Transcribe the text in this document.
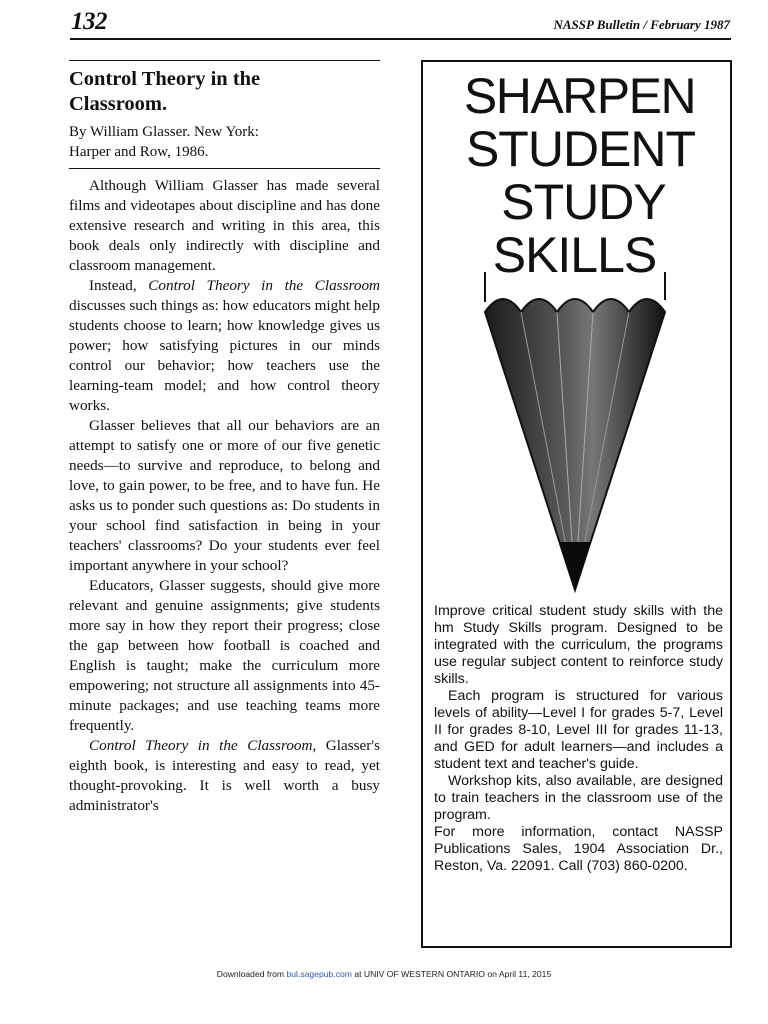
132	NASSP Bulletin / February 1987
Control Theory in the
Classroom.
By William Glasser. New York:
Harper and Row, 1986.

Although William Glasser has made several films and videotapes about discipline and has done extensive research and writing in this area, this book deals only indirectly with discipline and classroom management.

Instead, Control Theory in the Classroom discusses such things as: how educators might help students choose to learn; how knowledge gives us power; how satisfying pictures in our minds control our behavior; how teachers use the learning-team model; and how control theory works.

Glasser believes that all our behaviors are an attempt to satisfy one or more of our five genetic needs—to survive and reproduce, to belong and love, to gain power, to be free, and to have fun. He asks us to ponder such questions as: Do students in your school find satisfaction in being in your teachers' classrooms? Do your students ever feel important anywhere in your school?

Educators, Glasser suggests, should give more relevant and genuine assignments; give students more say in how they report their progress; close the gap between how football is coached and English is taught; make the curriculum more empowering; not structure all assignments into 45-minute packages; and use teaching teams more frequently.

Control Theory in the Classroom, Glasser's eighth book, is interesting and easy to read, yet thought-provoking. It is well worth a busy administrator's

SHARPEN
STUDENT
STUDY
SKILLS

Improve critical student study skills with the hm Study Skills program. Designed to be integrated with the curriculum, the programs use regular subject content to reinforce study skills.

Each program is structured for various levels of ability—Level I for grades 5-7, Level II for grades 8-10, Level III for grades 11-13, and GED for adult learners—and includes a student text and teacher's guide.

Workshop kits, also available, are designed to train teachers in the classroom use of the program.

For more information, contact NASSP Publications Sales, 1904 Association Dr., Reston, Va. 22091. Call (703) 860-0200.

Downloaded from bul.sagepub.com at UNIV OF WESTERN ONTARIO on April 11, 2015
